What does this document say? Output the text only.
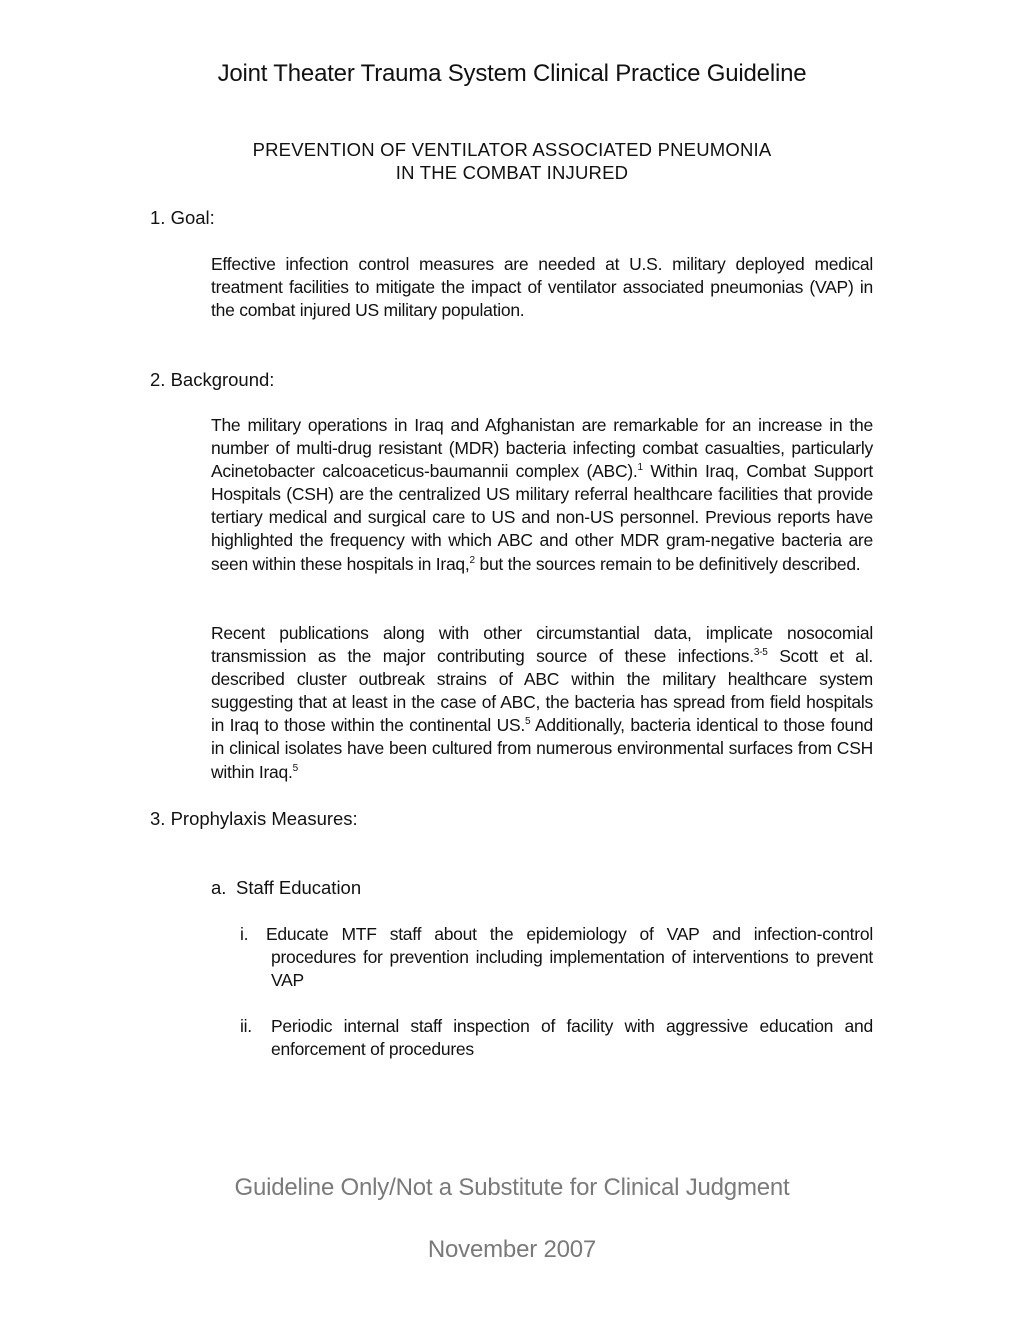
Joint Theater Trauma System Clinical Practice Guideline
PREVENTION OF VENTILATOR ASSOCIATED PNEUMONIA
IN THE COMBAT INJURED
1. Goal:
Effective infection control measures are needed at U.S. military deployed medical treatment facilities to mitigate the impact of ventilator associated pneumonias (VAP) in the combat injured US military population.
2. Background:
The military operations in Iraq and Afghanistan are remarkable for an increase in the number of multi-drug resistant (MDR) bacteria infecting combat casualties, particularly Acinetobacter calcoaceticus-baumannii complex (ABC).$^1$ Within Iraq, Combat Support Hospitals (CSH) are the centralized US military referral healthcare facilities that provide tertiary medical and surgical care to US and non-US personnel. Previous reports have highlighted the frequency with which ABC and other MDR gram-negative bacteria are seen within these hospitals in Iraq,$^2$ but the sources remain to be definitively described.
Recent publications along with other circumstantial data, implicate nosocomial transmission as the major contributing source of these infections.$^{3-5}$ Scott et al. described cluster outbreak strains of ABC within the military healthcare system suggesting that at least in the case of ABC, the bacteria has spread from field hospitals in Iraq to those within the continental US.$^5$ Additionally, bacteria identical to those found in clinical isolates have been cultured from numerous environmental surfaces from CSH within Iraq.$^5$
3. Prophylaxis Measures:
a. Staff Education
i. Educate MTF staff about the epidemiology of VAP and infection-control procedures for prevention including implementation of interventions to prevent VAP
ii. Periodic internal staff inspection of facility with aggressive education and enforcement of procedures
Guideline Only/Not a Substitute for Clinical Judgment
November 2007
